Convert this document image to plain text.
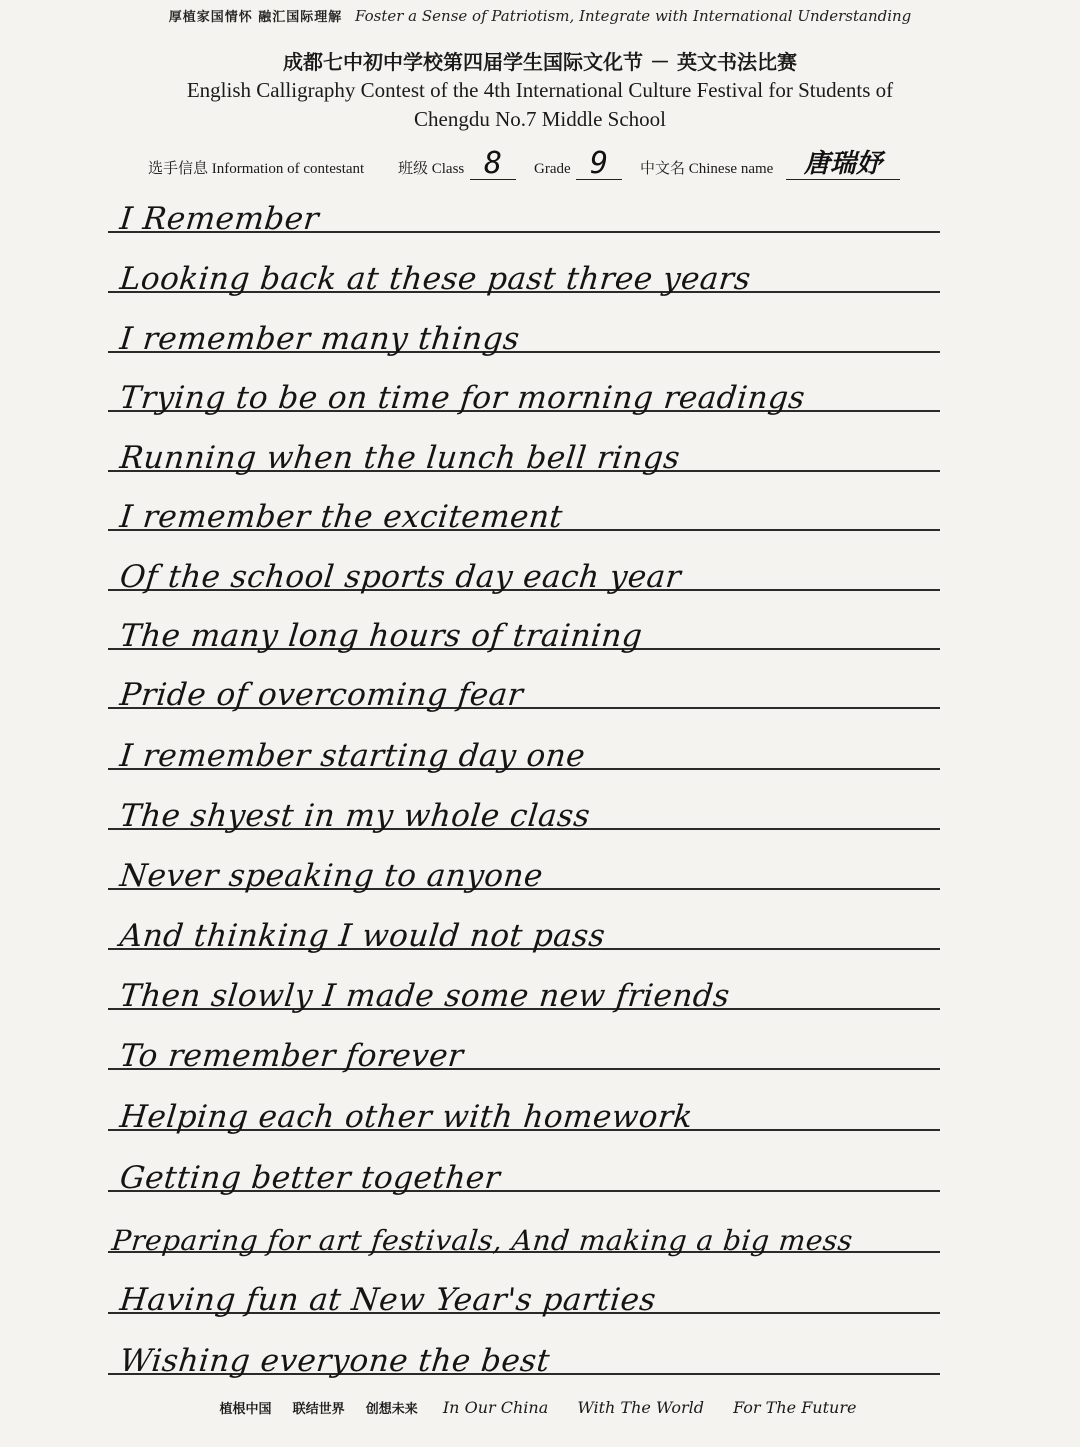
厚植家国情怀 融汇国际理解 Foster a Sense of Patriotism, Integrate with International Understanding
成都七中初中学校第四届学生国际文化节 － 英文书法比赛
English Calligraphy Contest of the 4th International Culture Festival for Students of
Chengdu No.7 Middle School
选手信息 Information of contestant 班级 Class 8	Grade 9	中文名 Chinese name	唐瑞妤
I Remember
Looking back at these past three years
I remember many things
Trying to be on time for morning readings
Running when the lunch bell rings
I remember the excitement
Of the school sports day each year
The many long hours of training
Pride of overcoming fear
I remember starting day one
The shyest in my whole class
Never speaking to anyone
And thinking I would not pass
Then slowly I made some new friends
To remember forever
Helping each other with homework
Getting better together
Preparing for art festivals, And making a big mess
Having fun at New Year's parties
Wishing everyone the best
植根中国 联结世界 创想未来 In Our China With The World For The Future
